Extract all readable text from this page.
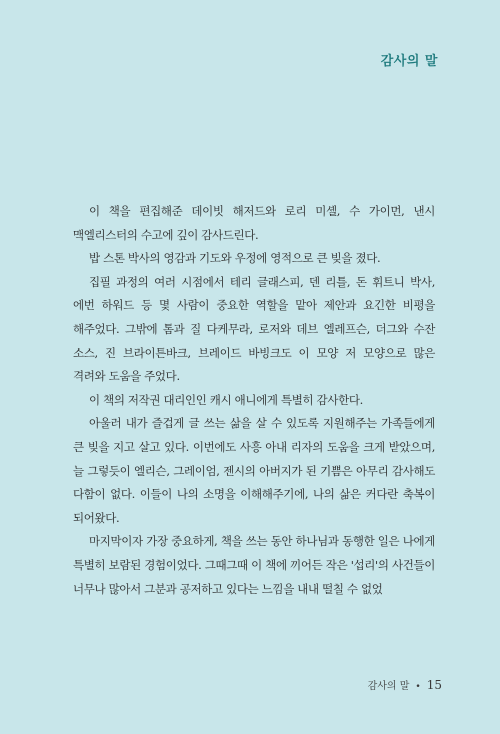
감사의 말

이 책을 편집해준 데이빗 해저드와 로리 미셸, 수 가이먼, 낸시 맥엘리스터의 수고에 깊이 감사드린다.

밥 스톤 박사의 영감과 기도와 우정에 영적으로 큰 빚을 졌다.

집필 과정의 여러 시점에서 테리 글래스피, 덴 리틀, 돈 휘트니 박사, 에번 하워드 등 몇 사람이 중요한 역할을 맡아 제안과 요긴한 비평을 해주었다. 그밖에 톰과 질 다케무라, 로저와 데브 엘레프슨, 더그와 수잔 소스, 진 브라이튼바크, 브레이드 바빙크도 이 모양 저 모양으로 많은 격려와 도움을 주었다.

이 책의 저작권 대리인인 캐시 애니에게 특별히 감사한다.

아울러 내가 즐겁게 글 쓰는 삶을 살 수 있도록 지원해주는 가족들에게 큰 빚을 지고 살고 있다. 이번에도 사흥 아내 리자의 도움을 크게 받았으며, 늘 그렇듯이 엘리슨, 그레이엄, 젠시의 아버지가 된 기쁨은 아무리 감사해도 다함이 없다. 이들이 나의 소명을 이해해주기에, 나의 삶은 커다란 축복이 되어왔다.

마지막이자 가장 중요하게, 책을 쓰는 동안 하나님과 동행한 일은 나에게 특별히 보람된 경험이었다. 그때그때 이 책에 끼어든 작은 '섭리'의 사건들이 너무나 많아서 그분과 공저하고 있다는 느낌을 내내 떨칠 수 없었

감사의 말 • 15
